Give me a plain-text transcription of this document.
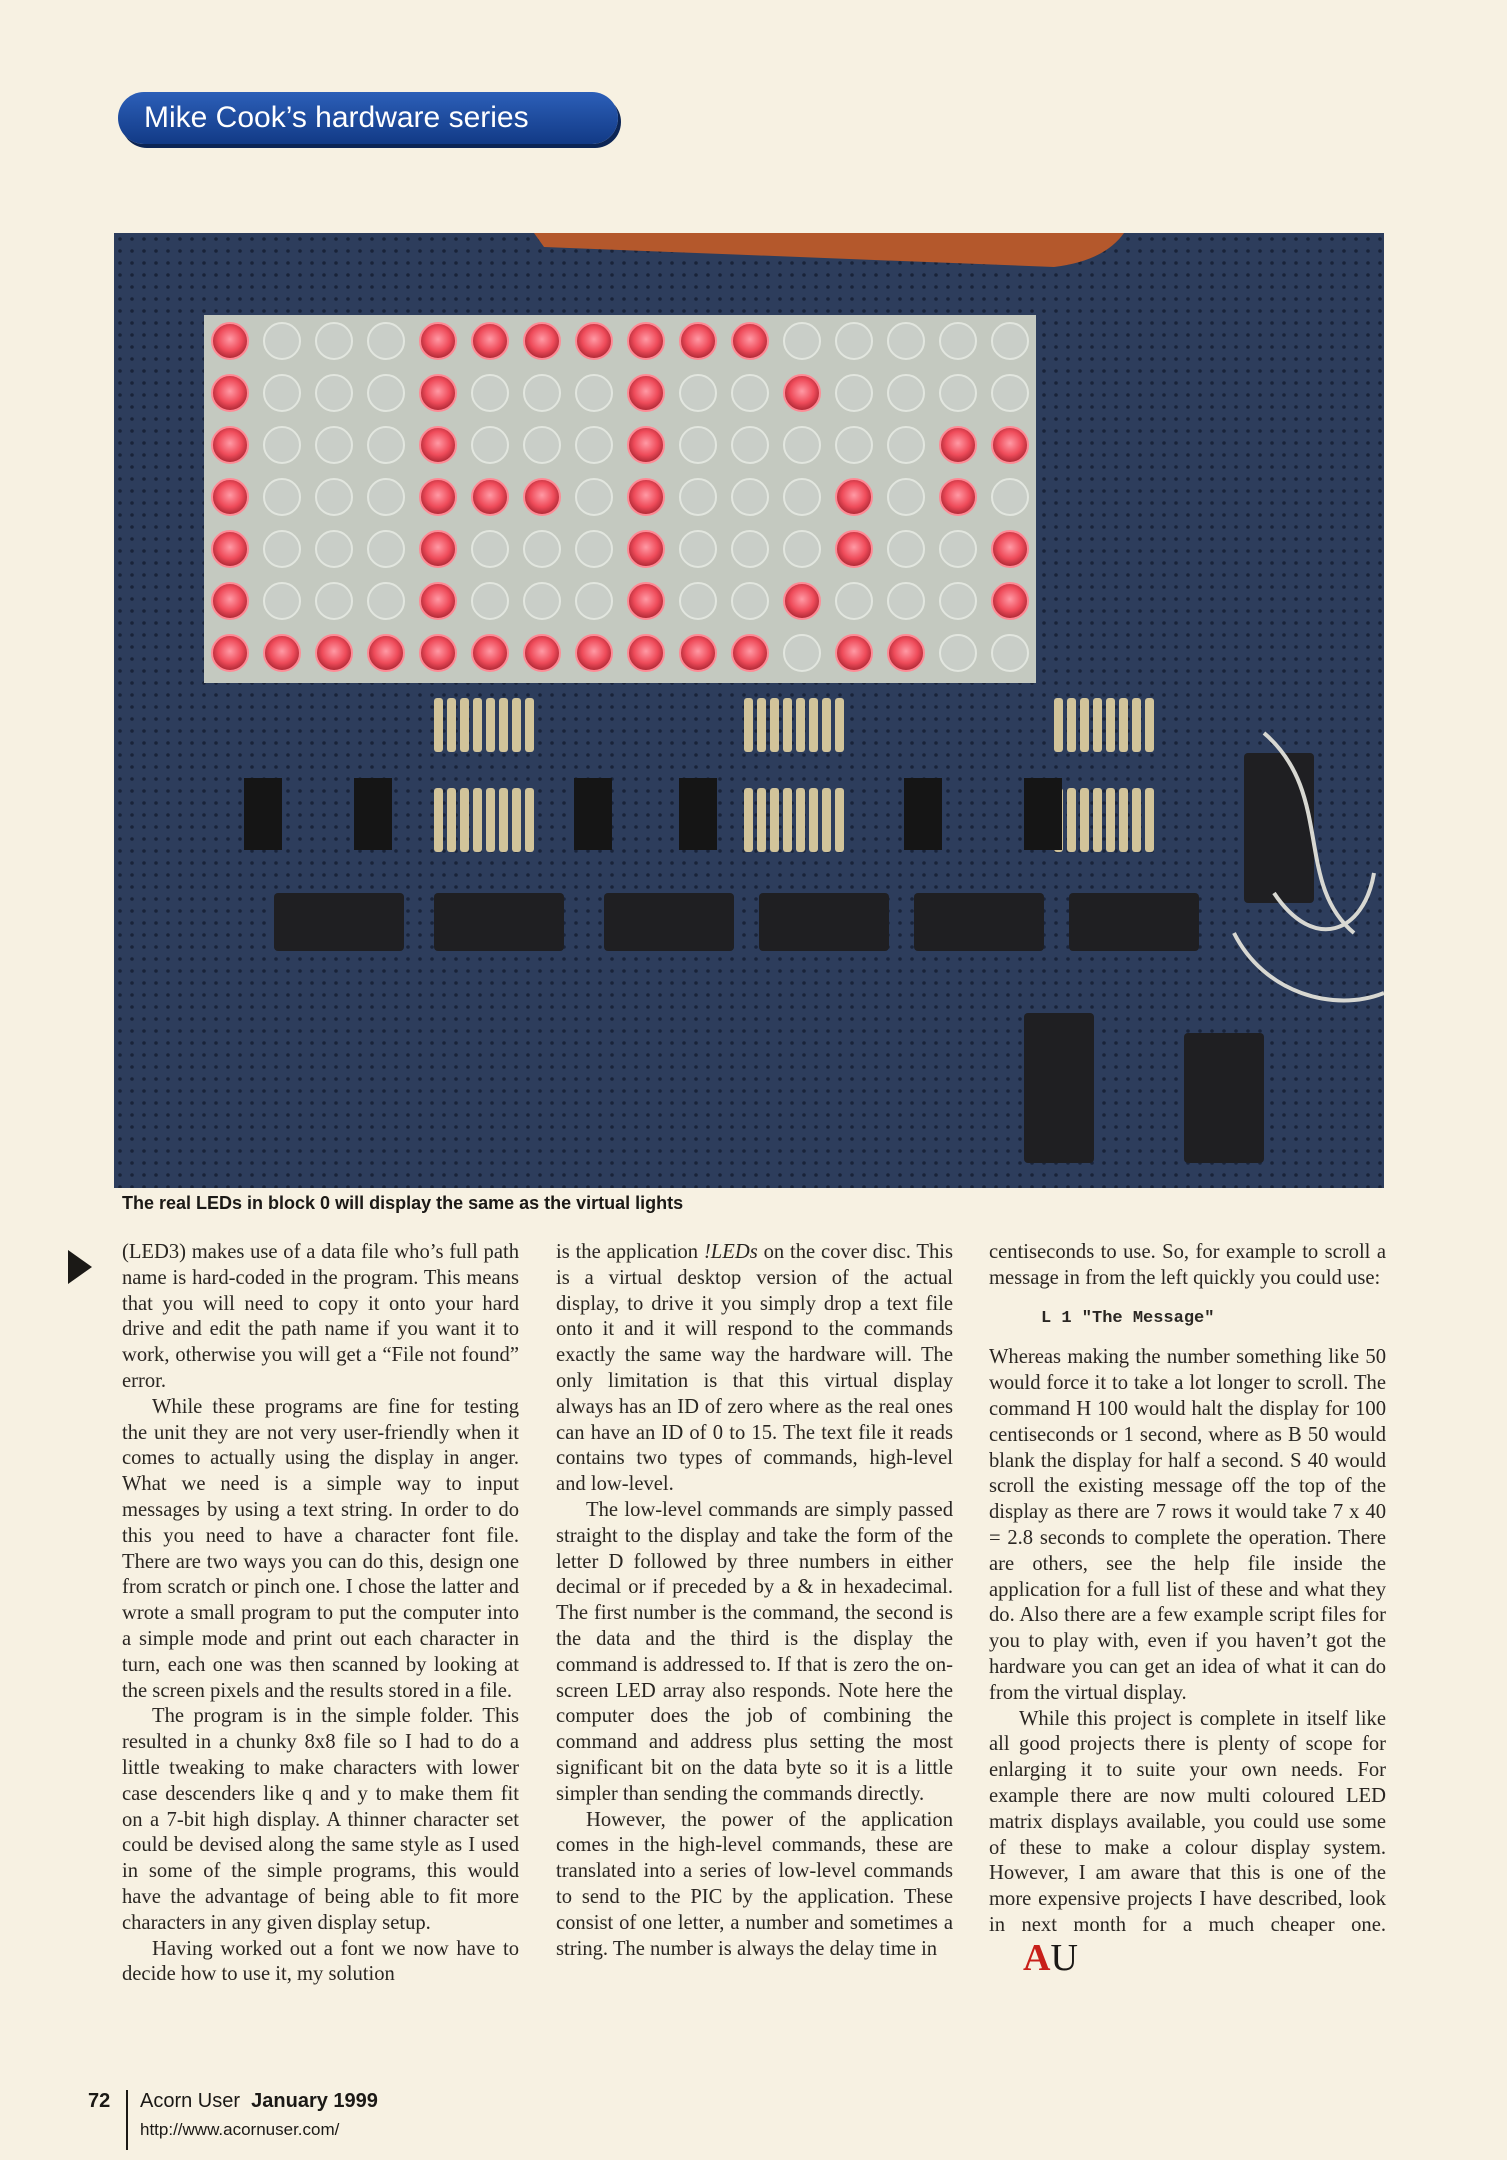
Mike Cook’s hardware series
The real LEDs in block 0 will display the same as the virtual lights

(LED3) makes use of a data file who’s full path name is hard-coded in the program. This means that you will need to copy it onto your hard drive and edit the path name if you want it to work, otherwise you will get a “File not found” error.

While these programs are fine for testing the unit they are not very user-friendly when it comes to actually using the display in anger. What we need is a simple way to input messages by using a text string. In order to do this you need to have a character font file. There are two ways you can do this, design one from scratch or pinch one. I chose the latter and wrote a small program to put the computer into a simple mode and print out each character in turn, each one was then scanned by looking at the screen pixels and the results stored in a file.

The program is in the simple folder. This resulted in a chunky 8x8 file so I had to do a little tweaking to make characters with lower case descenders like q and y to make them fit on a 7-bit high display. A thinner character set could be devised along the same style as I used in some of the simple programs, this would have the advantage of being able to fit more characters in any given display setup.

Having worked out a font we now have to decide how to use it, my solution

is the application !LEDs on the cover disc. This is a virtual desktop version of the actual display, to drive it you simply drop a text file onto it and it will respond to the commands exactly the same way the hardware will. The only limitation is that this virtual display always has an ID of zero where as the real ones can have an ID of 0 to 15. The text file it reads contains two types of commands, high-level and low-level.

The low-level commands are simply passed straight to the display and take the form of the letter D followed by three numbers in either decimal or if preceded by a & in hexadecimal. The first number is the command, the second is the data and the third is the display the command is addressed to. If that is zero the on-screen LED array also responds. Note here the computer does the job of combining the command and address plus setting the most significant bit on the data byte so it is a little simpler than sending the commands directly.

However, the power of the application comes in the high-level commands, these are translated into a series of low-level commands to send to the PIC by the application. These consist of one letter, a number and sometimes a string. The number is always the delay time in

centiseconds to use. So, for example to scroll a message in from the left quickly you could use:

L 1 "The Message"

Whereas making the number something like 50 would force it to take a lot longer to scroll. The command H 100 would halt the display for 100 centiseconds or 1 second, where as B 50 would blank the display for half a second. S 40 would scroll the existing message off the top of the display as there are 7 rows it would take 7 x 40 = 2.8 seconds to complete the operation. There are others, see the help file inside the application for a full list of these and what they do. Also there are a few example script files for you to play with, even if you haven’t got the hardware you can get an idea of what it can do from the virtual display.

While this project is complete in itself like all good projects there is plenty of scope for enlarging it to suite your own needs. For example there are now multi coloured LED matrix displays available, you could use some of these to make a colour display system. However, I am aware that this is one of the more expensive projects I have described, look in next month for a much cheaper one.AU

72 Acorn User January 1999
http://www.acornuser.com/
